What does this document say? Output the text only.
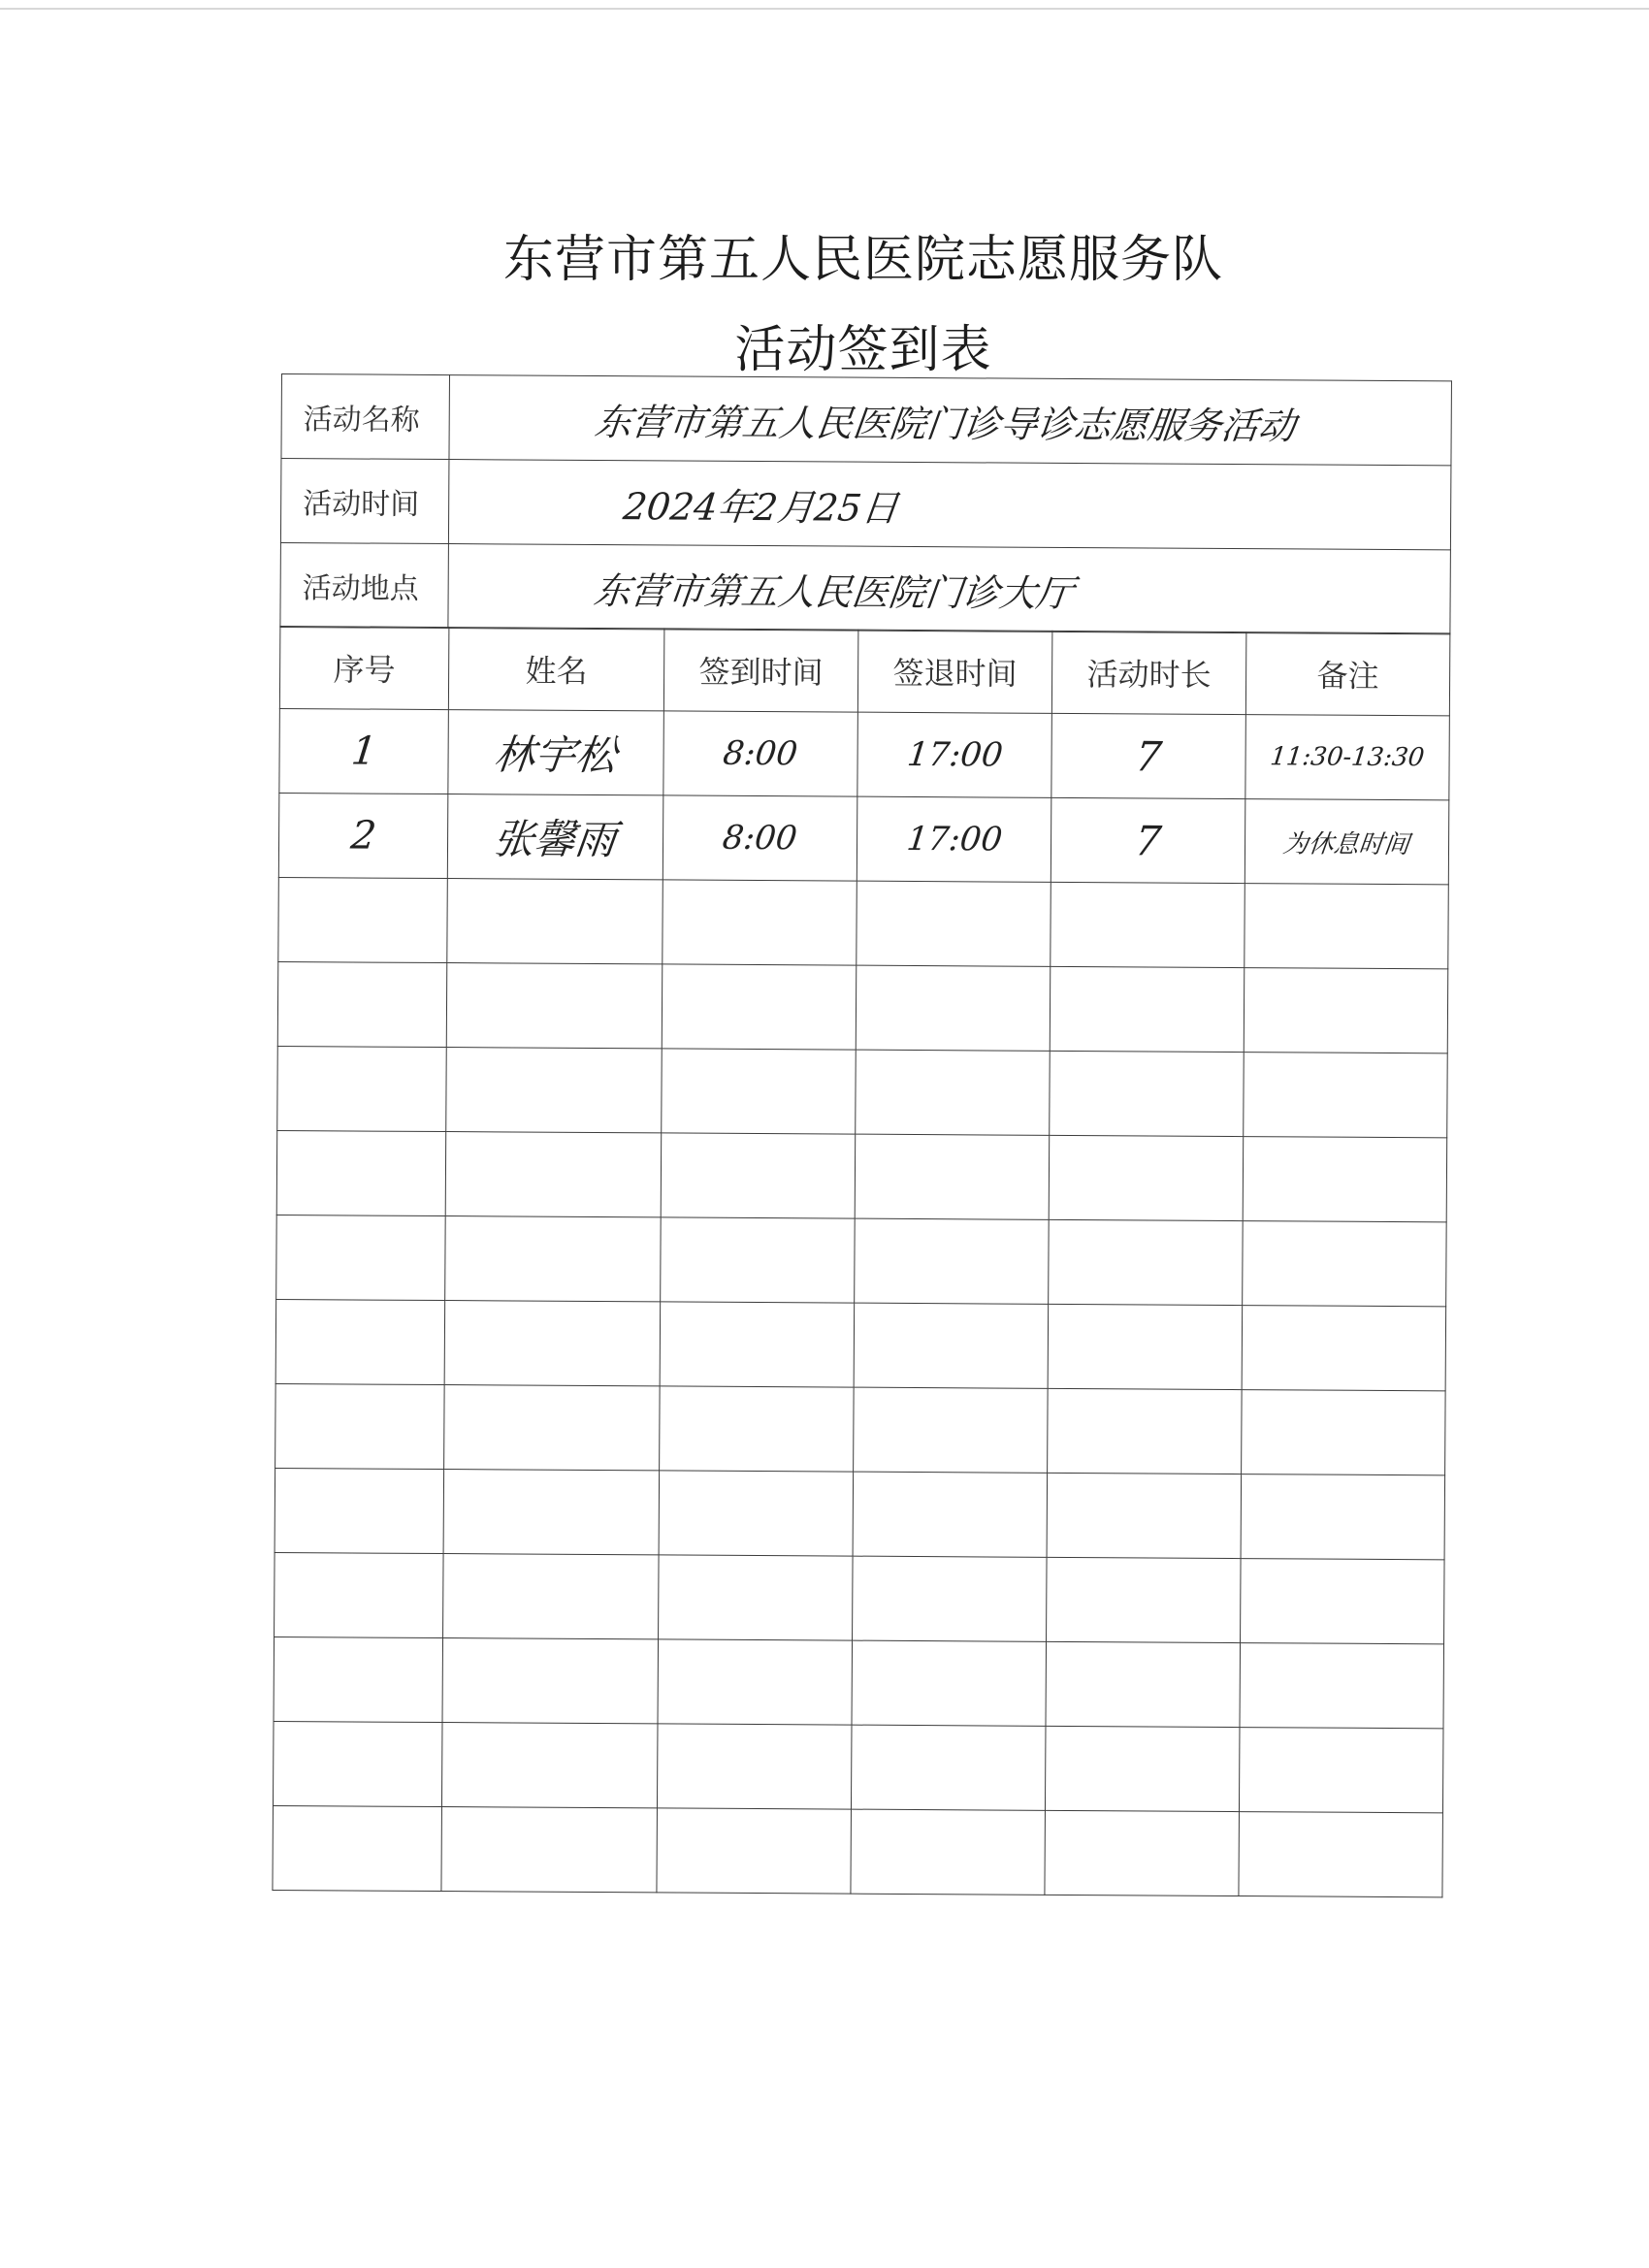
东营市第五人民医院志愿服务队
活动签到表
活动名称	东营市第五人民医院门诊导诊志愿服务活动
活动时间	2024年2月25日
活动地点	东营市第五人民医院门诊大厅
序号	姓名	签到时间	签退时间	活动时长	备注
1	林宇松	8:00	17:00	7	11:30-13:30
2	张馨雨	8:00	17:00	7	为休息时间
